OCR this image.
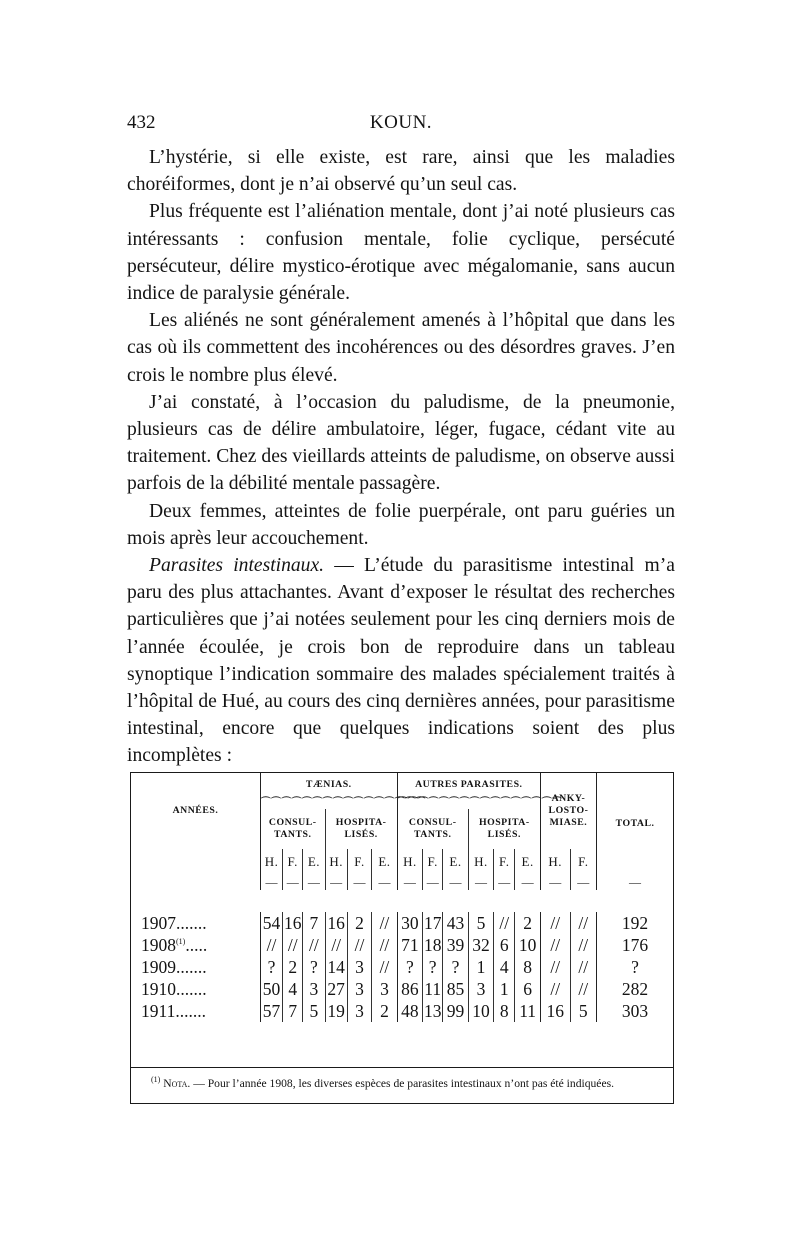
432	KOUN.

L’hystérie, si elle existe, est rare, ainsi que les maladies choréiformes, dont je n’ai observé qu’un seul cas.

Plus fréquente est l’aliénation mentale, dont j’ai noté plusieurs cas intéressants : confusion mentale, folie cyclique, persécuté persécuteur, délire mystico-érotique avec mégalomanie, sans aucun indice de paralysie générale.

Les aliénés ne sont généralement amenés à l’hôpital que dans les cas où ils commettent des incohérences ou des désordres graves. J’en crois le nombre plus élevé.

J’ai constaté, à l’occasion du paludisme, de la pneumonie, plusieurs cas de délire ambulatoire, léger, fugace, cédant vite au traitement. Chez des vieillards atteints de paludisme, on observe aussi parfois de la débilité mentale passagère.

Deux femmes, atteintes de folie puerpérale, ont paru guéries un mois après leur accouchement.

Parasites intestinaux. — L’étude du parasitisme intestinal m’a paru des plus attachantes. Avant d’exposer le résultat des recherches particulières que j’ai notées seulement pour les cinq derniers mois de l’année écoulée, je crois bon de reproduire dans un tableau synoptique l’indication sommaire des malades spécialement traités à l’hôpital de Hué, au cours des cinq dernières années, pour parasitisme intestinal, encore que quelques indications soient des plus incomplètes :

ANNÉES.	TÆNIAS.						AUTRES PARASITES.						ANKY-LOSTO-MIASE.		TOTAL.
	⌒⌒⌒⌒⌒⌒⌒⌒⌒⌒⌒⌒⌒⌒⌒⌒						⌒⌒⌒⌒⌒⌒⌒⌒⌒⌒⌒⌒⌒⌒⌒⌒								
	CONSUL-TANTS.			HOSPITA-LISÉS.			CONSUL-TANTS.			HOSPITA-LISÉS.					
	H.	F.	E.	H.	F.	E.	H.	F.	E.	H.	F.	E.	H.	F.	
	—	—	—	—	—	—	—	—	—	—	—	—	—	—	—

1907.......	54	16	7	16	2	//	30	17	43	5	//	2	//	//	192
1908$^{(1)}$.....	//	//	//	//	//	//	71	18	39	32	6	10	//	//	176
1909.......	?	2	?	14	3	//	?	?	?	1	4	8	//	//	?
1910.......	50	4	3	27	3	3	86	11	85	3	1	6	//	//	282
1911.......	57	7	5	19	3	2	48	13	99	10	8	11	16	5	303
$^{(1)}$ Nota. — Pour l’année 1908, les diverses espèces de parasites intestinaux n’ont pas été indiquées.
